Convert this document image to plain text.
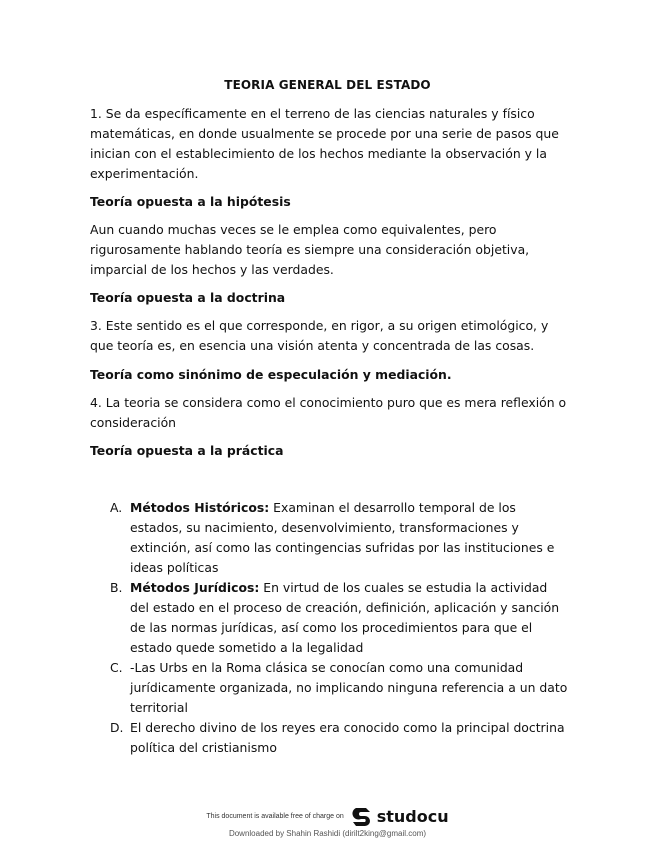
TEORIA GENERAL DEL ESTADO
1. Se da específicamente en el terreno de las ciencias naturales y físico matemáticas, en donde usualmente se procede por una serie de pasos que inician con el establecimiento de los hechos mediante la observación y la experimentación.
Teoría opuesta a la hipótesis
Aun cuando muchas veces se le emplea como equivalentes, pero rigurosamente hablando teoría es siempre una consideración objetiva, imparcial de los hechos y las verdades.
Teoría opuesta a la doctrina
3. Este sentido es el que corresponde, en rigor, a su origen etimológico, y que teoría es, en esencia una visión atenta y concentrada de las cosas.
Teoría como sinónimo de especulación y mediación.
4. La teoria se considera como el conocimiento puro que es mera reflexión o consideración
Teoría opuesta a la práctica
A. Métodos Históricos: Examinan el desarrollo temporal de los estados, su nacimiento, desenvolvimiento, transformaciones y extinción, así como las contingencias sufridas por las instituciones e ideas políticas
B. Métodos Jurídicos: En virtud de los cuales se estudia la actividad del estado en el proceso de creación, definición, aplicación y sanción de las normas jurídicas, así como los procedimientos para que el estado quede sometido a la legalidad
C. -Las Urbs en la Roma clásica se conocían como una comunidad jurídicamente organizada, no implicando ninguna referencia a un dato territorial
D. El derecho divino de los reyes era conocido como la principal doctrina política del cristianismo
This document is available free of charge on studocu
Downloaded by Shahin Rashidi (dirilt2king@gmail.com)
